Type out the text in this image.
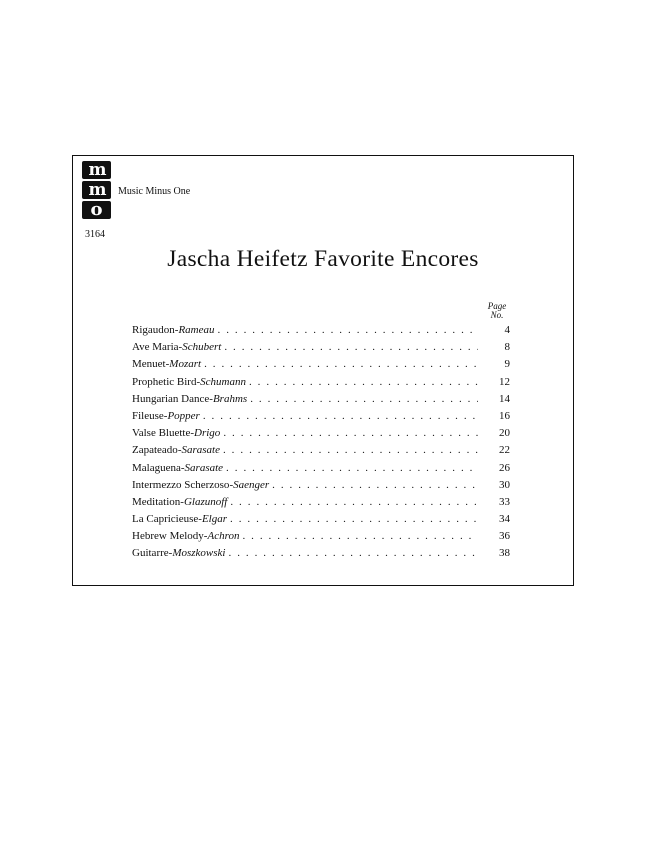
m
m
o
Music Minus One
3164
Jascha Heifetz Favorite Encores
Page
No.
Rigaudon - Rameau . . .	4
Ave Maria - Schubert . . .	8
Menuet - Mozart . . .	9
Prophetic Bird - Schumann . . .	12
Hungarian Dance - Brahms . . .	14
Fileuse - Popper . . .	16
Valse Bluette - Drigo . . .	20
Zapateado - Sarasate . . .	22
Malaguena - Sarasate . . .	26
Intermezzo Scherzoso - Saenger . . .	30
Meditation - Glazunoff . . .	33
La Capricieuse - Elgar . . .	34
Hebrew Melody - Achron . . .	36
Guitarre - Moszkowski . . .	38
